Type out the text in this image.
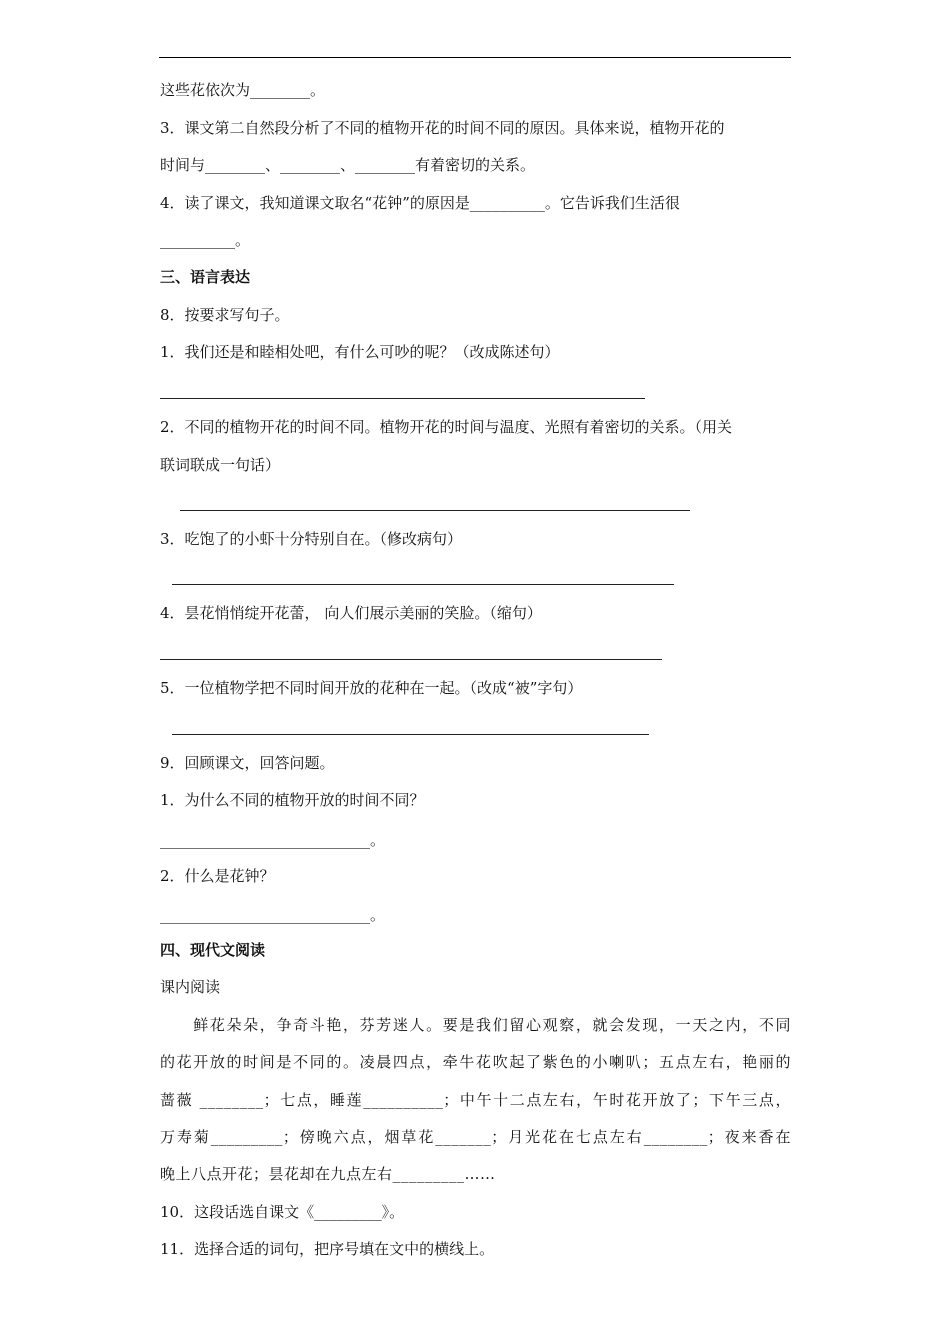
这些花依次为________。
3．课文第二自然段分析了不同的植物开花的时间不同的原因。具体来说，植物开花的
时间与________、________、________有着密切的关系。
4．读了课文，我知道课文取名“花钟”的原因是__________。它告诉我们生活很
__________。
三、语言表达
8．按要求写句子。
1．我们还是和睦相处吧，有什么可吵的呢？（改成陈述句）
2．不同的植物开花的时间不同。植物开花的时间与温度、光照有着密切的关系。（用关
联词联成一句话）
3．吃饱了的小虾十分特别自在。（修改病句）
4．昙花悄悄绽开花蕾， 向人们展示美丽的笑脸。（缩句）
5．一位植物学把不同时间开放的花种在一起。（改成“被”字句）
9．回顾课文，回答问题。
1．为什么不同的植物开放的时间不同？
____________________________。
2．什么是花钟？
____________________________。
四、现代文阅读
课内阅读
　　鲜花朵朵，争奇斗艳，芬芳迷人。要是我们留心观察，就会发现，一天之内，不同
的花开放的时间是不同的。凌晨四点，牵牛花吹起了紫色的小喇叭；五点左右，艳丽的
蔷薇 ________；七点，睡莲__________；中午十二点左右，午时花开放了；下午三点，
万寿菊_________；傍晚六点，烟草花_______；月光花在七点左右________；夜来香在
晚上八点开花；昙花却在九点左右_________……
10．这段话选自课文《_________》。
11．选择合适的词句，把序号填在文中的横线上。
